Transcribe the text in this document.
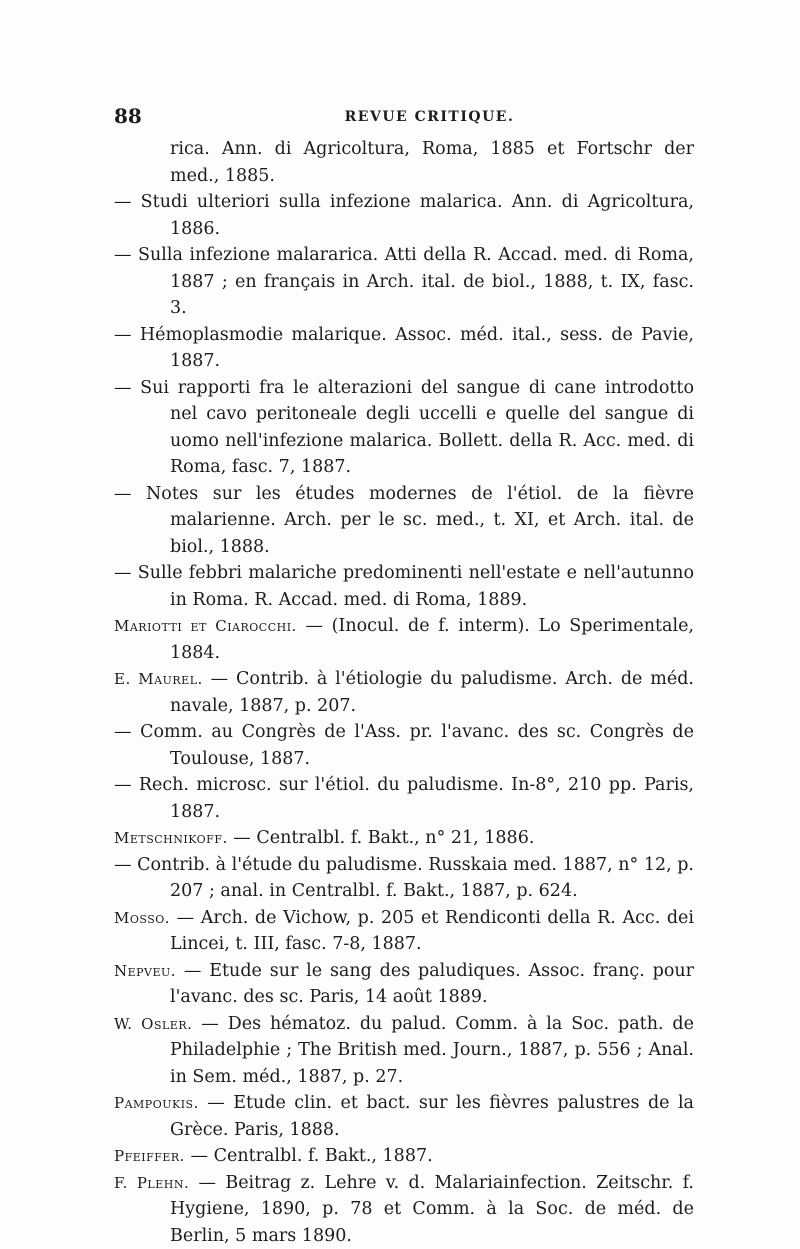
88	REVUE CRITIQUE.

rica. Ann. di Agricoltura, Roma, 1885 et Fortschr der med., 1885.

— Studi ulteriori sulla infezione malarica. Ann. di Agricoltura, 1886.

— Sulla infezione malararica. Atti della R. Accad. med. di Roma, 1887 ; en français in Arch. ital. de biol., 1888, t. IX, fasc. 3.

— Hémoplasmodie malarique. Assoc. méd. ital., sess. de Pavie, 1887.

— Sui rapporti fra le alterazioni del sangue di cane introdotto nel cavo peritoneale degli uccelli e quelle del sangue di uomo nell'infezione malarica. Bollett. della R. Acc. med. di Roma, fasc. 7, 1887.

— Notes sur les études modernes de l'étiol. de la fièvre malarienne. Arch. per le sc. med., t. XI, et Arch. ital. de biol., 1888.

— Sulle febbri malariche predominenti nell'estate e nell'autunno in Roma. R. Accad. med. di Roma, 1889.

Mariotti et Ciarocchi. — (Inocul. de f. interm). Lo Sperimentale, 1884.

E. Maurel. — Contrib. à l'étiologie du paludisme. Arch. de méd. navale, 1887, p. 207.

— Comm. au Congrès de l'Ass. pr. l'avanc. des sc. Congrès de Toulouse, 1887.

— Rech. microsc. sur l'étiol. du paludisme. In-8°, 210 pp. Paris, 1887.

Metschnikoff. — Centralbl. f. Bakt., n° 21, 1886.

— Contrib. à l'étude du paludisme. Russkaia med. 1887, n° 12, p. 207 ; anal. in Centralbl. f. Bakt., 1887, p. 624.

Mosso. — Arch. de Vichow, p. 205 et Rendiconti della R. Acc. dei Lincei, t. III, fasc. 7-8, 1887.

Nepveu. — Etude sur le sang des paludiques. Assoc. franç. pour l'avanc. des sc. Paris, 14 août 1889.

W. Osler. — Des hématoz. du palud. Comm. à la Soc. path. de Philadelphie ; The British med. Journ., 1887, p. 556 ; Anal. in Sem. méd., 1887, p. 27.

Pampoukis. — Etude clin. et bact. sur les fièvres palustres de la Grèce. Paris, 1888.

Pfeiffer. — Centralbl. f. Bakt., 1887.

F. Plehn. — Beitrag z. Lehre v. d. Malariainfection. Zeitschr. f. Hygiene, 1890, p. 78 et Comm. à la Soc. de méd. de Berlin, 5 mars 1890.
